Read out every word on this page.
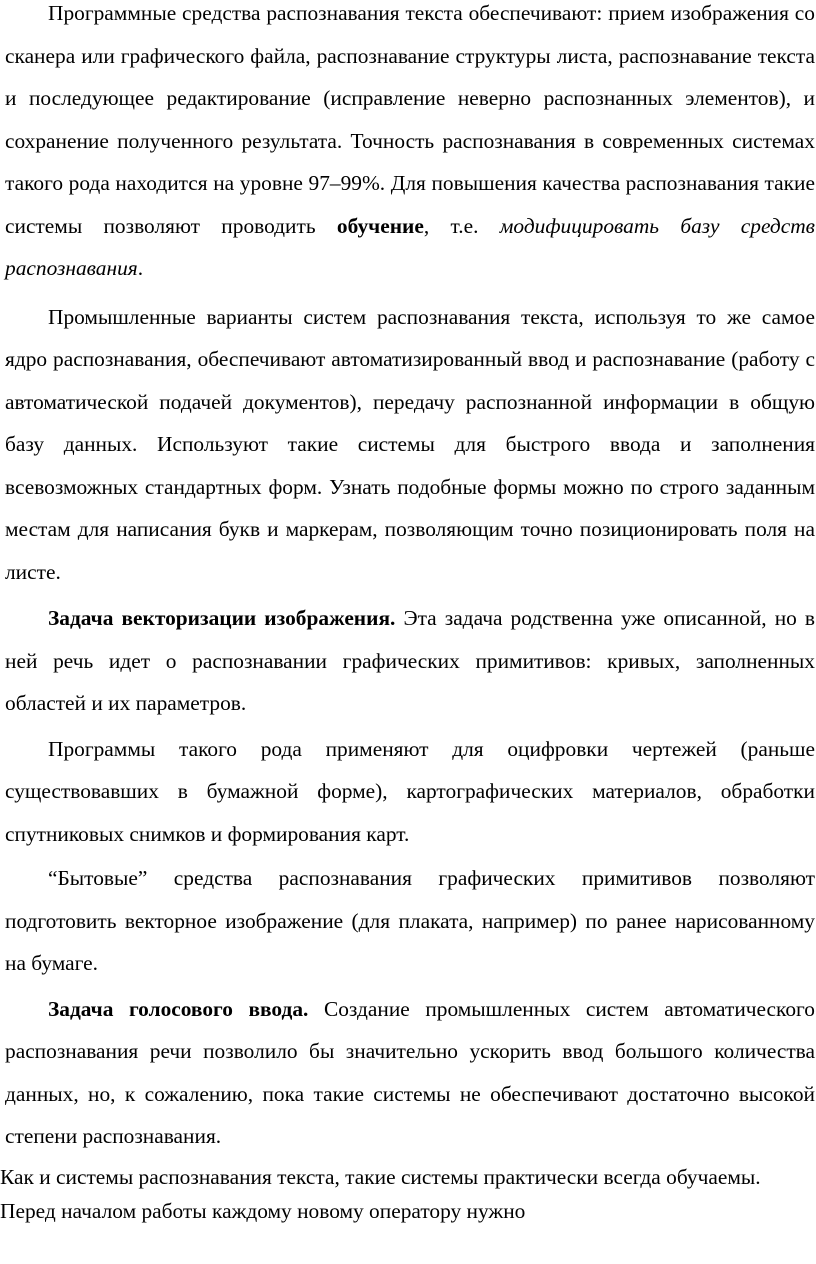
Программные средства распознавания текста обеспечивают: прием изображения со сканера или графического файла, распознавание структуры листа, распознавание текста и последующее редактирование (исправление неверно распознанных элементов), и сохранение полученного результата. Точность распознавания в современных системах такого рода находится на уровне 97–99%. Для повышения качества распознавания такие системы позволяют проводить обучение, т.е. модифицировать базу средств распознавания.

Промышленные варианты систем распознавания текста, используя то же самое ядро распознавания, обеспечивают автоматизированный ввод и распознавание (работу с автоматической подачей документов), передачу распознанной информации в общую базу данных. Используют такие системы для быстрого ввода и заполнения всевозможных стандартных форм. Узнать подобные формы можно по строго заданным местам для написания букв и маркерам, позволяющим точно позиционировать поля на листе.

Задача векторизации изображения. Эта задача родственна уже описанной, но в ней речь идет о распознавании графических примитивов: кривых, заполненных областей и их параметров.

Программы такого рода применяют для оцифровки чертежей (раньше существовавших в бумажной форме), картографических материалов, обработки спутниковых снимков и формирования карт.

“Бытовые” средства распознавания графических примитивов позволяют подготовить векторное изображение (для плаката, например) по ранее нарисованному на бумаге.

Задача голосового ввода. Создание промышленных систем автоматического распознавания речи позволило бы значительно ускорить ввод большого количества данных, но, к сожалению, пока такие системы не обеспечивают достаточно высокой степени распознавания.

Как и системы распознавания текста, такие системы практически всегда обучаемы. Перед началом работы каждому новому оператору нужно
